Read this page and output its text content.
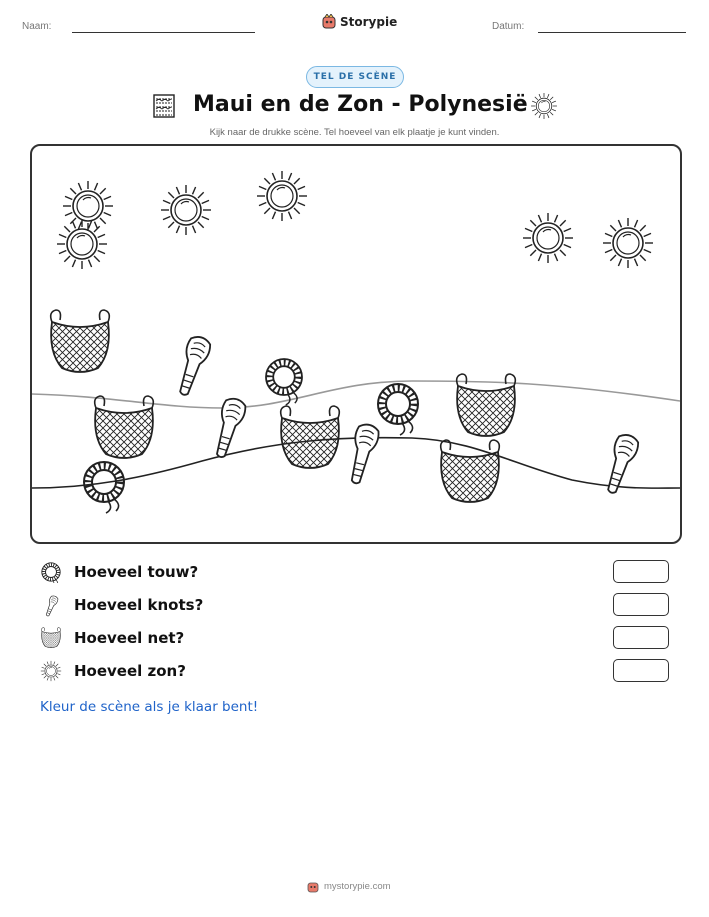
Naam:	Storypie	Datum:
TEL DE SCÈNE
Maui en de Zon - Polynesië
Kijk naar de drukke scène. Tel hoeveel van elk plaatje je kunt vinden.
Hoeveel touw?
Hoeveel knots?
Hoeveel net?
Hoeveel zon?
Kleur de scène als je klaar bent!
mystorypie.com
